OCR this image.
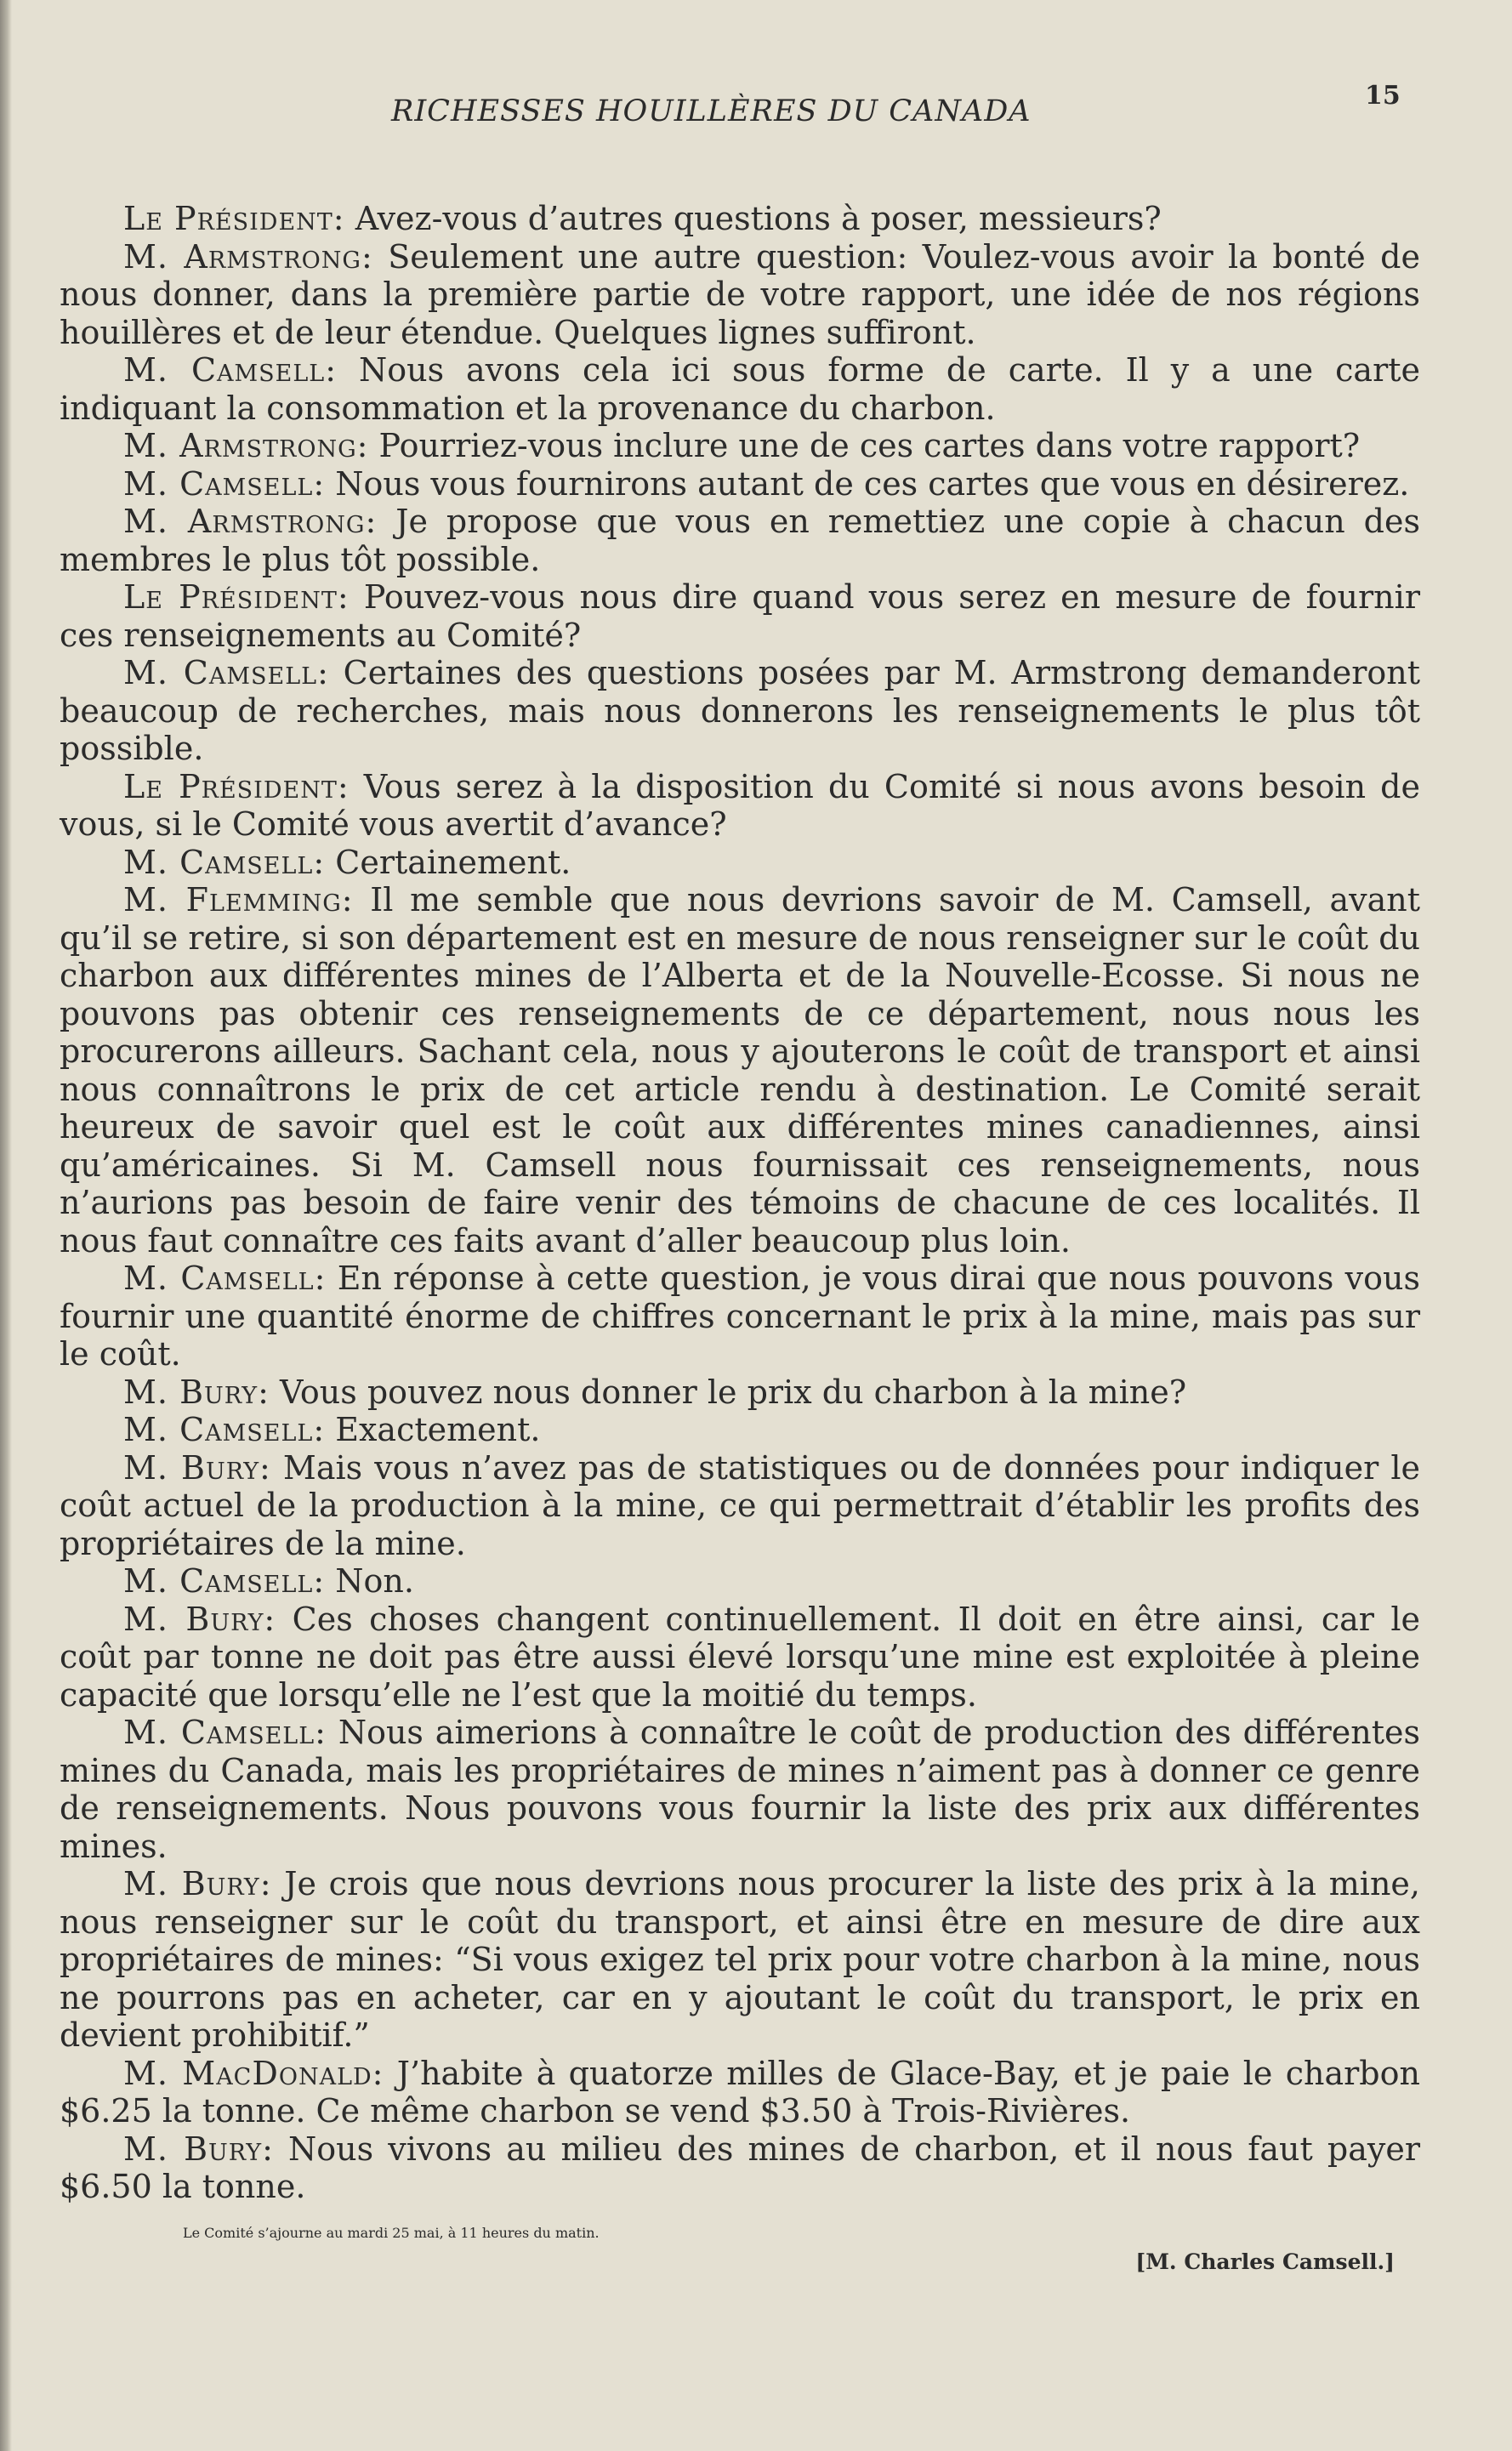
RICHESSES HOUILLÈRES DU CANADA	15

Le Président: Avez-vous d’autres questions à poser, messieurs?

M. Armstrong: Seulement une autre question: Voulez-vous avoir la bonté de nous donner, dans la première partie de votre rapport, une idée de nos régions houillères et de leur étendue. Quelques lignes suffiront.

M. Camsell: Nous avons cela ici sous forme de carte. Il y a une carte indiquant la consommation et la provenance du charbon.

M. Armstrong: Pourriez-vous inclure une de ces cartes dans votre rapport?

M. Camsell: Nous vous fournirons autant de ces cartes que vous en désirerez.

M. Armstrong: Je propose que vous en remettiez une copie à chacun des membres le plus tôt possible.

Le Président: Pouvez-vous nous dire quand vous serez en mesure de fournir ces renseignements au Comité?

M. Camsell: Certaines des questions posées par M. Armstrong demanderont beaucoup de recherches, mais nous donnerons les renseignements le plus tôt possible.

Le Président: Vous serez à la disposition du Comité si nous avons besoin de vous, si le Comité vous avertit d’avance?

M. Camsell: Certainement.

M. Flemming: Il me semble que nous devrions savoir de M. Camsell, avant qu’il se retire, si son département est en mesure de nous renseigner sur le coût du charbon aux différentes mines de l’Alberta et de la Nouvelle-Ecosse. Si nous ne pouvons pas obtenir ces renseignements de ce département, nous nous les procurerons ailleurs. Sachant cela, nous y ajouterons le coût de transport et ainsi nous connaîtrons le prix de cet article rendu à destination. Le Comité serait heureux de savoir quel est le coût aux différentes mines canadiennes, ainsi qu’américaines. Si M. Camsell nous fournissait ces renseignements, nous n’aurions pas besoin de faire venir des témoins de chacune de ces localités. Il nous faut connaître ces faits avant d’aller beaucoup plus loin.

M. Camsell: En réponse à cette question, je vous dirai que nous pouvons vous fournir une quantité énorme de chiffres concernant le prix à la mine, mais pas sur le coût.

M. Bury: Vous pouvez nous donner le prix du charbon à la mine?

M. Camsell: Exactement.

M. Bury: Mais vous n’avez pas de statistiques ou de données pour indiquer le coût actuel de la production à la mine, ce qui permettrait d’établir les profits des propriétaires de la mine.

M. Camsell: Non.

M. Bury: Ces choses changent continuellement. Il doit en être ainsi, car le coût par tonne ne doit pas être aussi élevé lorsqu’une mine est exploitée à pleine capacité que lorsqu’elle ne l’est que la moitié du temps.

M. Camsell: Nous aimerions à connaître le coût de production des différentes mines du Canada, mais les propriétaires de mines n’aiment pas à donner ce genre de renseignements. Nous pouvons vous fournir la liste des prix aux différentes mines.

M. Bury: Je crois que nous devrions nous procurer la liste des prix à la mine, nous renseigner sur le coût du transport, et ainsi être en mesure de dire aux propriétaires de mines: “Si vous exigez tel prix pour votre charbon à la mine, nous ne pourrons pas en acheter, car en y ajoutant le coût du transport, le prix en devient prohibitif.”

M. MacDonald: J’habite à quatorze milles de Glace-Bay, et je paie le charbon $6.25 la tonne. Ce même charbon se vend $3.50 à Trois-Rivières.

M. Bury: Nous vivons au milieu des mines de charbon, et il nous faut payer $6.50 la tonne.

Le Comité s’ajourne au mardi 25 mai, à 11 heures du matin.

[M. Charles Camsell.]
